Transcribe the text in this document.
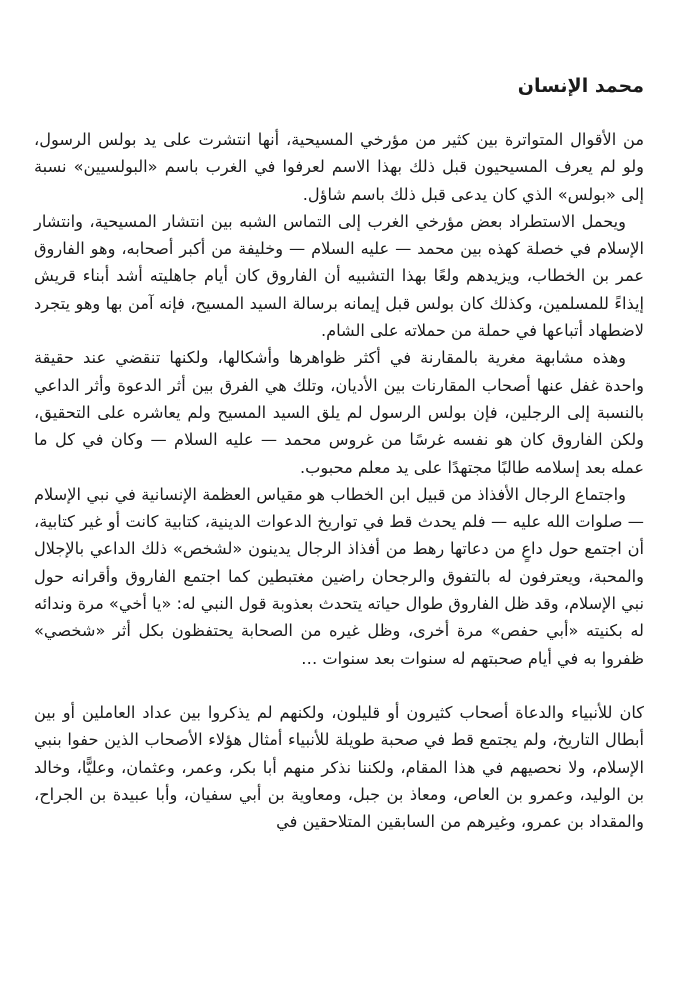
محمد الإنسان

من الأقوال المتواترة بين كثير من مؤرخي المسيحية، أنها انتشرت على يد بولس الرسول، ولو لم يعرف المسيحيون قبل ذلك بهذا الاسم لعرفوا في الغرب باسم «البولسيين» نسبة إلى «بولس» الذي كان يدعى قبل ذلك باسم شاؤل.

ويحمل الاستطراد بعض مؤرخي الغرب إلى التماس الشبه بين انتشار المسيحية، وانتشار الإسلام في خصلة كهذه بين محمد — عليه السلام — وخليفة من أكبر أصحابه، وهو الفاروق عمر بن الخطاب، ويزيدهم ولعًا بهذا التشبيه أن الفاروق كان أيام جاهليته أشد أبناء قريش إيذاءً للمسلمين، وكذلك كان بولس قبل إيمانه برسالة السيد المسيح، فإنه آمن بها وهو يتجرد لاضطهاد أتباعها في حملة من حملاته على الشام.

وهذه مشابهة مغرية بالمقارنة في أكثر ظواهرها وأشكالها، ولكنها تنقضي عند حقيقة واحدة غفل عنها أصحاب المقارنات بين الأديان، وتلك هي الفرق بين أثر الدعوة وأثر الداعي بالنسبة إلى الرجلين، فإن بولس الرسول لم يلق السيد المسيح ولم يعاشره على التحقيق، ولكن الفاروق كان هو نفسه غرسًا من غروس محمد — عليه السلام — وكان في كل ما عمله بعد إسلامه طالبًا مجتهدًا على يد معلم محبوب.

واجتماع الرجال الأفذاذ من قبيل ابن الخطاب هو مقياس العظمة الإنسانية في نبي الإسلام — صلوات الله عليه — فلم يحدث قط في تواريخ الدعوات الدينية، كتابية كانت أو غير كتابية، أن اجتمع حول داعٍ من دعاتها رهط من أفذاذ الرجال يدينون «لشخص» ذلك الداعي بالإجلال والمحبة، ويعترفون له بالتفوق والرجحان راضين مغتبطين كما اجتمع الفاروق وأقرانه حول نبي الإسلام، وقد ظل الفاروق طوال حياته يتحدث بعذوبة قول النبي له: «يا أخي» مرة وندائه له بكنيته «أبي حفص» مرة أخرى، وظل غيره من الصحابة يحتفظون بكل أثر «شخصي» ظفروا به في أيام صحبتهم له سنوات بعد سنوات …

كان للأنبياء والدعاة أصحاب كثيرون أو قليلون، ولكنهم لم يذكروا بين عداد العاملين أو بين أبطال التاريخ، ولم يجتمع قط في صحبة طويلة للأنبياء أمثال هؤلاء الأصحاب الذين حفوا بنبي الإسلام، ولا نحصيهم في هذا المقام، ولكننا نذكر منهم أبا بكر، وعمر، وعثمان، وعليًّا، وخالد بن الوليد، وعمرو بن العاص، ومعاذ بن جبل، ومعاوية بن أبي سفيان، وأبا عبيدة بن الجراح، والمقداد بن عمرو، وغيرهم من السابقين المتلاحقين في
